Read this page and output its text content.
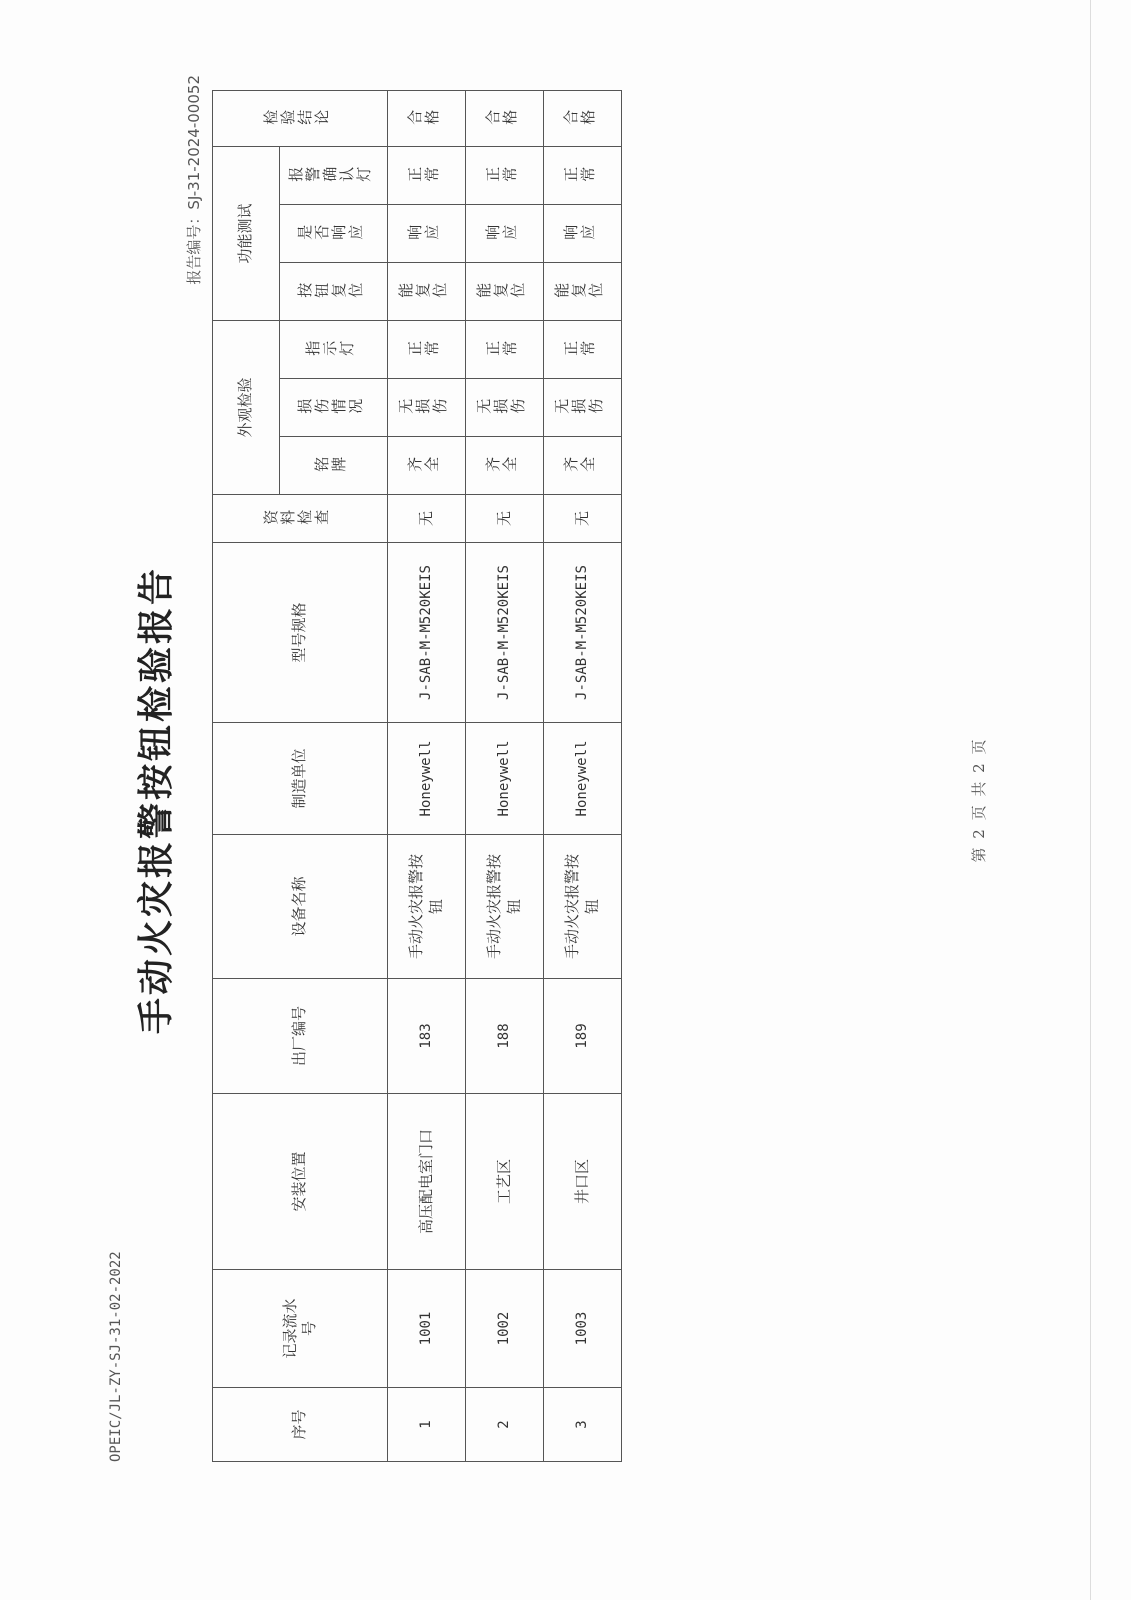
OPEIC/JL-ZY-SJ-31-02-2022
手动火灾报警按钮检验报告
报告编号：SJ-31-2024-00052
序号	记录流水号	安装位置	出厂编号	设备名称	制造单位	型号规格	资料检查	外观检验			功能测试			检验结论
								铭牌	损伤情况	指示灯	按钮复位	是否响应	报警确认灯	
1	1001	高压配电室门口	183	手动火灾报警按钮	Honeywell	J-SAB-M-M520KEIS	无	齐全	无损伤	正常	能复位	响应	正常	合格
2	1002	工艺区	188	手动火灾报警按钮	Honeywell	J-SAB-M-M520KEIS	无	齐全	无损伤	正常	能复位	响应	正常	合格
3	1003	井口区	189	手动火灾报警按钮	Honeywell	J-SAB-M-M520KEIS	无	齐全	无损伤	正常	能复位	响应	正常	合格
第 2 页 共 2 页
